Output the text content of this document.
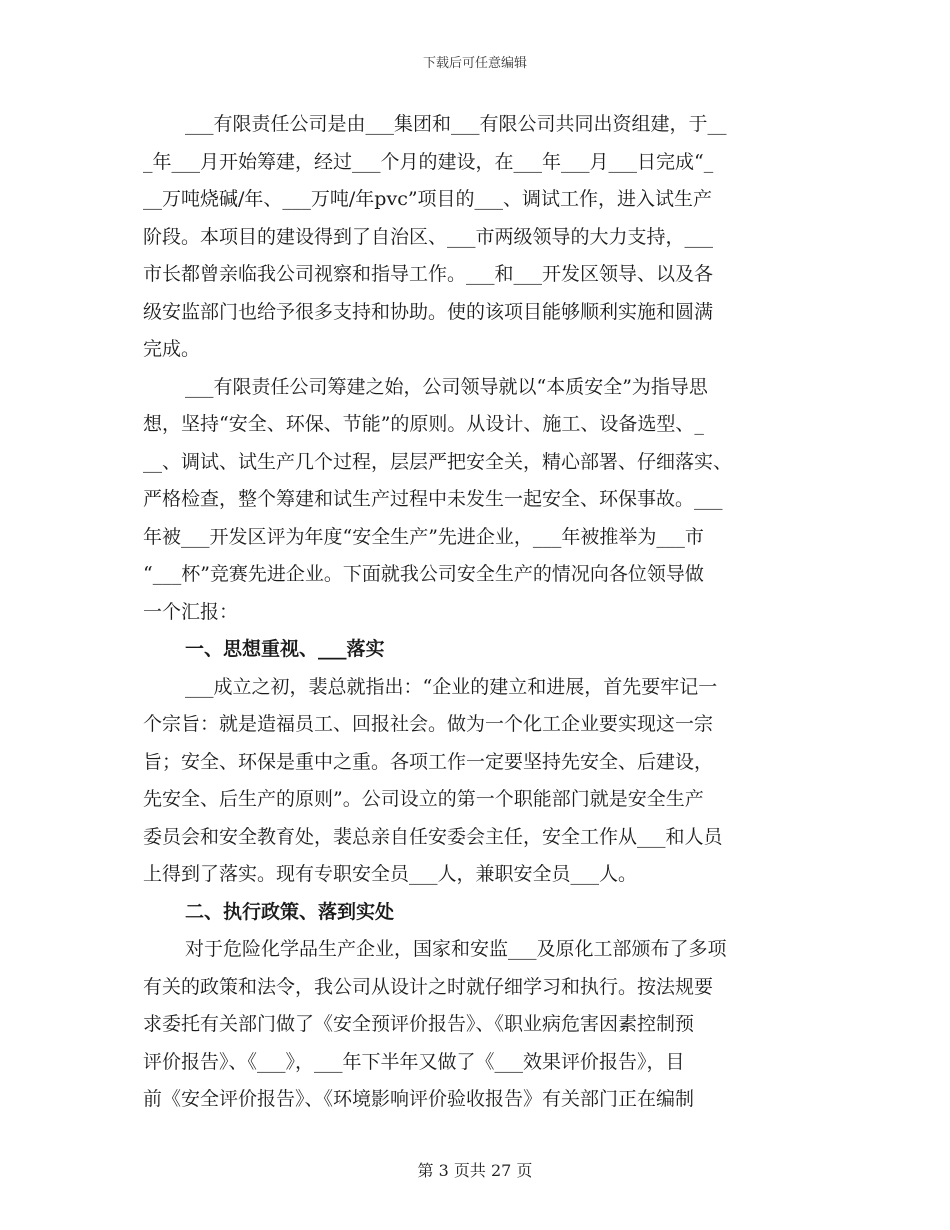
下载后可任意编辑
___有限责任公司是由___集团和___有限公司共同出资组建，于__
_年___月开始筹建，经过___个月的建设，在___年___月___日完成“_
__万吨烧碱/年、___万吨/年pvc”项目的___、调试工作，进入试生产
阶段。本项目的建设得到了自治区、___市两级领导的大力支持，___
市长都曾亲临我公司视察和指导工作。___和___开发区领导、以及各
级安监部门也给予很多支持和协助。使的该项目能够顺利实施和圆满
完成。
___有限责任公司筹建之始，公司领导就以“本质安全”为指导思
想，坚持“安全、环保、节能”的原则。从设计、施工、设备选型、_
__、调试、试生产几个过程，层层严把安全关，精心部署、仔细落实、
严格检查，整个筹建和试生产过程中未发生一起安全、环保事故。___
年被___开发区评为年度“安全生产”先进企业，___年被推举为___市
“___杯”竞赛先进企业。下面就我公司安全生产的情况向各位领导做
一个汇报：
一、思想重视、___落实
___成立之初，裴总就指出：“企业的建立和进展，首先要牢记一
个宗旨：就是造福员工、回报社会。做为一个化工企业要实现这一宗
旨；安全、环保是重中之重。各项工作一定要坚持先安全、后建设，
先安全、后生产的原则”。公司设立的第一个职能部门就是安全生产
委员会和安全教育处，裴总亲自任安委会主任，安全工作从___和人员
上得到了落实。现有专职安全员___人，兼职安全员___人。
二、执行政策、落到实处
对于危险化学品生产企业，国家和安监___及原化工部颁布了多项
有关的政策和法令，我公司从设计之时就仔细学习和执行。按法规要
求委托有关部门做了《安全预评价报告》、《职业病危害因素控制预
评价报告》、《___》，___年下半年又做了《___效果评价报告》，目
前《安全评价报告》、《环境影响评价验收报告》有关部门正在编制
第 3 页共 27 页
